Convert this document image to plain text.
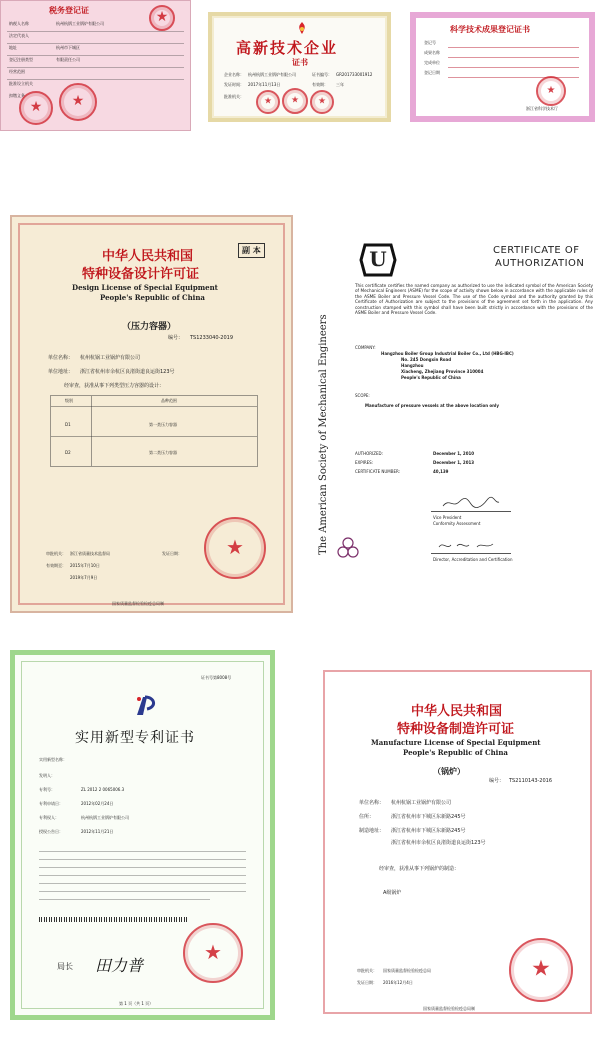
税务登记证
纳税人名称	杭州杭锅工业锅炉有限公司
法定代表人
地址	杭州市下城区
登记注册类型	有限责任公司
经营范围
批准设立机关
扣缴义务
★ ★
★
高新技术企业
证书
企业名称： 杭州杭锅工业锅炉有限公司	证书编号： GR201733001912
发证时间： 2017年11月13日	有效期： 三年
批准机关： ★ ★ ★
科学技术成果登记证书
登记号
成果名称
完成单位
登记日期
★
浙江省科学技术厅
中华人民共和国
特种设备设计许可证
Design License of Special Equipment
People's Republic of China
副 本
（压力容器）
编号： TS1233040-2019
单位名称： 杭州杭锅工业锅炉有限公司
单位地址： 浙江省杭州市余杭区良渚街道良运街123号
经审查，获准从事下列类型压力容器的设计：
级别	品种范围
D1	第一类压力容器
D2	第二类压力容器
★
审批机关： 浙江省质量技术监督局	发证日期：
有效期至： 2015年7月10日
2019年7月9日
国家质量监督检验检疫总局制
U	CERTIFICATE OF
AUTHORIZATION
The American Society of Mechanical Engineers
This certificate certifies the named company as authorized to use the indicated symbol of the American Society of Mechanical Engineers (ASME) for the scope of activity shown below in accordance with the applicable rules of the ASME Boiler and Pressure Vessel Code. The use of the Code symbol and the authority granted by this Certificate of Authorization are subject to the provisions of the agreement set forth in the application. Any construction stamped with this symbol shall have been built strictly in accordance with the provisions of the ASME Boiler and Pressure Vessel Code.
COMPANY:
Hangzhou Boiler Group Industrial Boiler Co., Ltd (HBG-IBC)
No. 245 Dongxin Road
Hangzhou
Xiacheng, Zhejiang Province 310004
People's Republic of China
SCOPE:
Manufacture of pressure vessels at the above location only
AUTHORIZED:	December 1, 2010
EXPIRES:	December 1, 2013
CERTIFICATE NUMBER:	40,139
Vice President
Conformity Assessment
Director, Accreditation and Certification
证书号第8008号
实用新型专利证书
实用新型名称：
发明人：
专利号：	ZL 2012 2 0065006.3
专利申请日：	2012年02月24日
专利权人：	杭州杭锅工业锅炉有限公司
授权公告日：	2012年11月21日
局长 田力普
★
第 1 页（共 1 页）
中华人民共和国
特种设备制造许可证
Manufacture License of Special Equipment
People's Republic of China
（锅炉）
编号： TS2110143-2016
单位名称： 杭州杭锅工业锅炉有限公司
住所：	浙江省杭州市下城区东新路245号
制造地址： 浙江省杭州市下城区东新路245号
浙江省杭州市余杭区良渚街道良运街123号
经审查，获准从事下列锅炉的制造：
A级锅炉
★
审批机关： 国家质量监督检验检疫总局
发证日期： 2016年12月4日
国家质量监督检验检疫总局制
